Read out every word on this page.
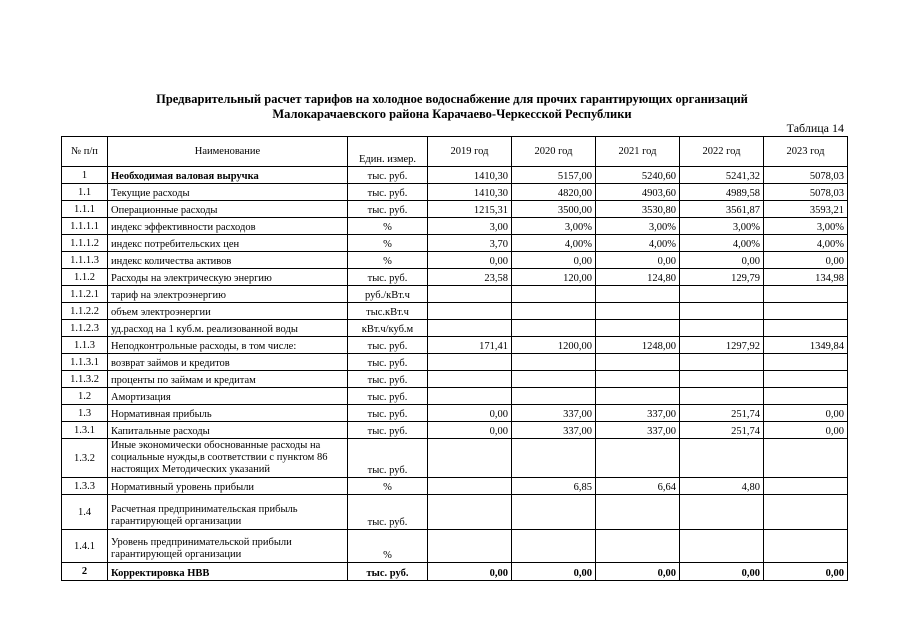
Предварительный расчет тарифов на холодное водоснабжение для прочих гарантирующих организаций
Малокарачаевского района Карачаево-Черкесской Республики
Таблица 14
№ п/п	Наименование	Един. измер.	2019 год	2020 год	2021 год	2022 год	2023 год
1	Необходимая валовая выручка	тыс. руб.	1410,30	5157,00	5240,60	5241,32	5078,03
1.1	Текущие расходы	тыс. руб.	1410,30	4820,00	4903,60	4989,58	5078,03
1.1.1	Операционные расходы	тыс. руб.	1215,31	3500,00	3530,80	3561,87	3593,21
1.1.1.1	индекс эффективности расходов	%	3,00	3,00%	3,00%	3,00%	3,00%
1.1.1.2	индекс потребительских цен	%	3,70	4,00%	4,00%	4,00%	4,00%
1.1.1.3	индекс количества активов	%	0,00	0,00	0,00	0,00	0,00
1.1.2	Расходы на электрическую энергию	тыс. руб.	23,58	120,00	124,80	129,79	134,98
1.1.2.1	тариф на электроэнергию	руб./кВт.ч					
1.1.2.2	объем электроэнергии	тыс.кВт.ч					
1.1.2.3	уд.расход на 1 куб.м. реализованной воды	кВт.ч/куб.м					
1.1.3	Неподконтрольные расходы, в том числе:	тыс. руб.	171,41	1200,00	1248,00	1297,92	1349,84
1.1.3.1	возврат займов и кредитов	тыс. руб.					
1.1.3.2	проценты по займам и кредитам	тыс. руб.					
1.2	Амортизация	тыс. руб.					
1.3	Нормативная прибыль	тыс. руб.	0,00	337,00	337,00	251,74	0,00
1.3.1	Капитальные расходы	тыс. руб.	0,00	337,00	337,00	251,74	0,00
1.3.2	Иные экономически обоснованные расходы на социальные нужды,в соответствии с пунктом 86 настоящих Методических указаний	тыс. руб.					
1.3.3	Нормативный уровень прибыли	%		6,85	6,64	4,80	
1.4	Расчетная предпринимательская прибыль гарантирующей организации	тыс. руб.					
1.4.1	Уровень предпринимательской прибыли гарантирующей организации	%					
2	Корректировка НВВ	тыс. руб.	0,00	0,00	0,00	0,00	0,00
